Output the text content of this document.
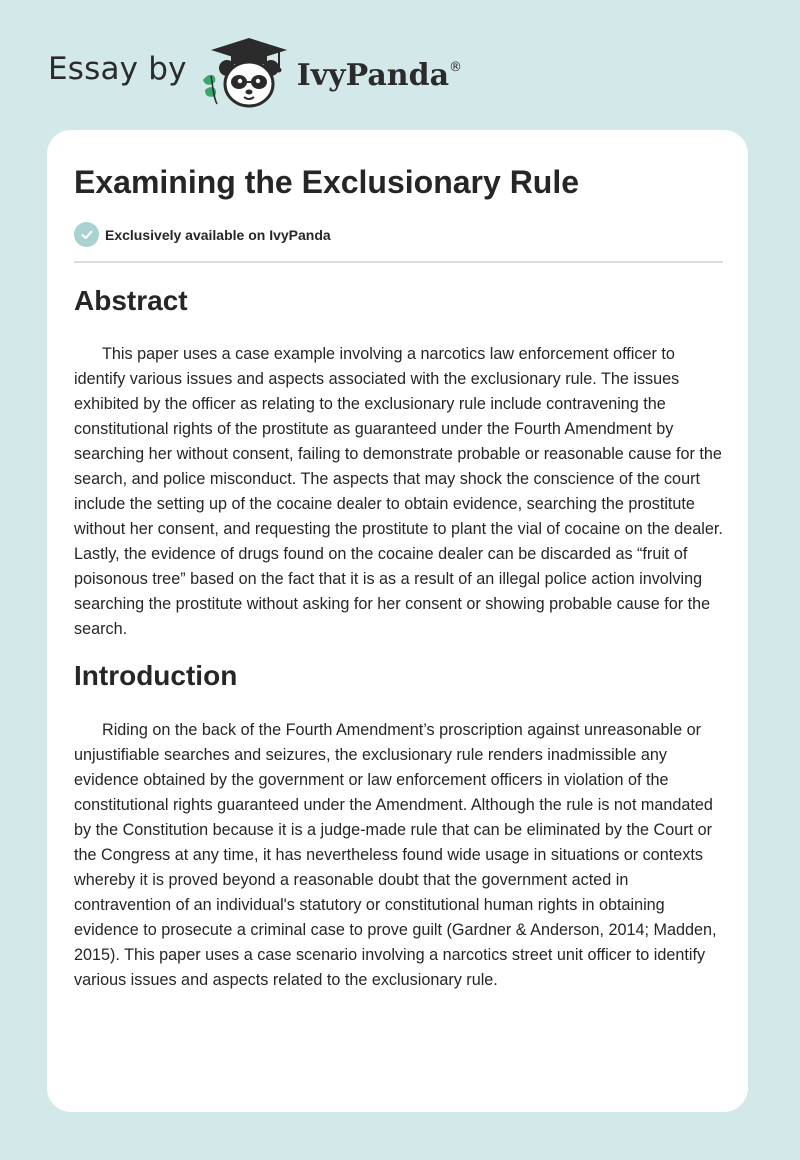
Essay by	IvyPanda®
Examining the Exclusionary Rule
Exclusively available on IvyPanda
Abstract

This paper uses a case example involving a narcotics law enforcement officer to identify various issues and aspects associated with the exclusionary rule. The issues exhibited by the officer as relating to the exclusionary rule include contravening the constitutional rights of the prostitute as guaranteed under the Fourth Amendment by searching her without consent, failing to demonstrate probable or reasonable cause for the search, and police misconduct. The aspects that may shock the conscience of the court include the setting up of the cocaine dealer to obtain evidence, searching the prostitute without her consent, and requesting the prostitute to plant the vial of cocaine on the dealer. Lastly, the evidence of drugs found on the cocaine dealer can be discarded as “fruit of poisonous tree” based on the fact that it is as a result of an illegal police action involving searching the prostitute without asking for her consent or showing probable cause for the search.

Introduction

Riding on the back of the Fourth Amendment’s proscription against unreasonable or unjustifiable searches and seizures, the exclusionary rule renders inadmissible any evidence obtained by the government or law enforcement officers in violation of the constitutional rights guaranteed under the Amendment. Although the rule is not mandated by the Constitution because it is a judge-made rule that can be eliminated by the Court or the Congress at any time, it has nevertheless found wide usage in situations or contexts whereby it is proved beyond a reasonable doubt that the government acted in contravention of an individual's statutory or constitutional human rights in obtaining evidence to prosecute a criminal case to prove guilt (Gardner & Anderson, 2014; Madden, 2015). This paper uses a case scenario involving a narcotics street unit officer to identify various issues and aspects related to the exclusionary rule.
